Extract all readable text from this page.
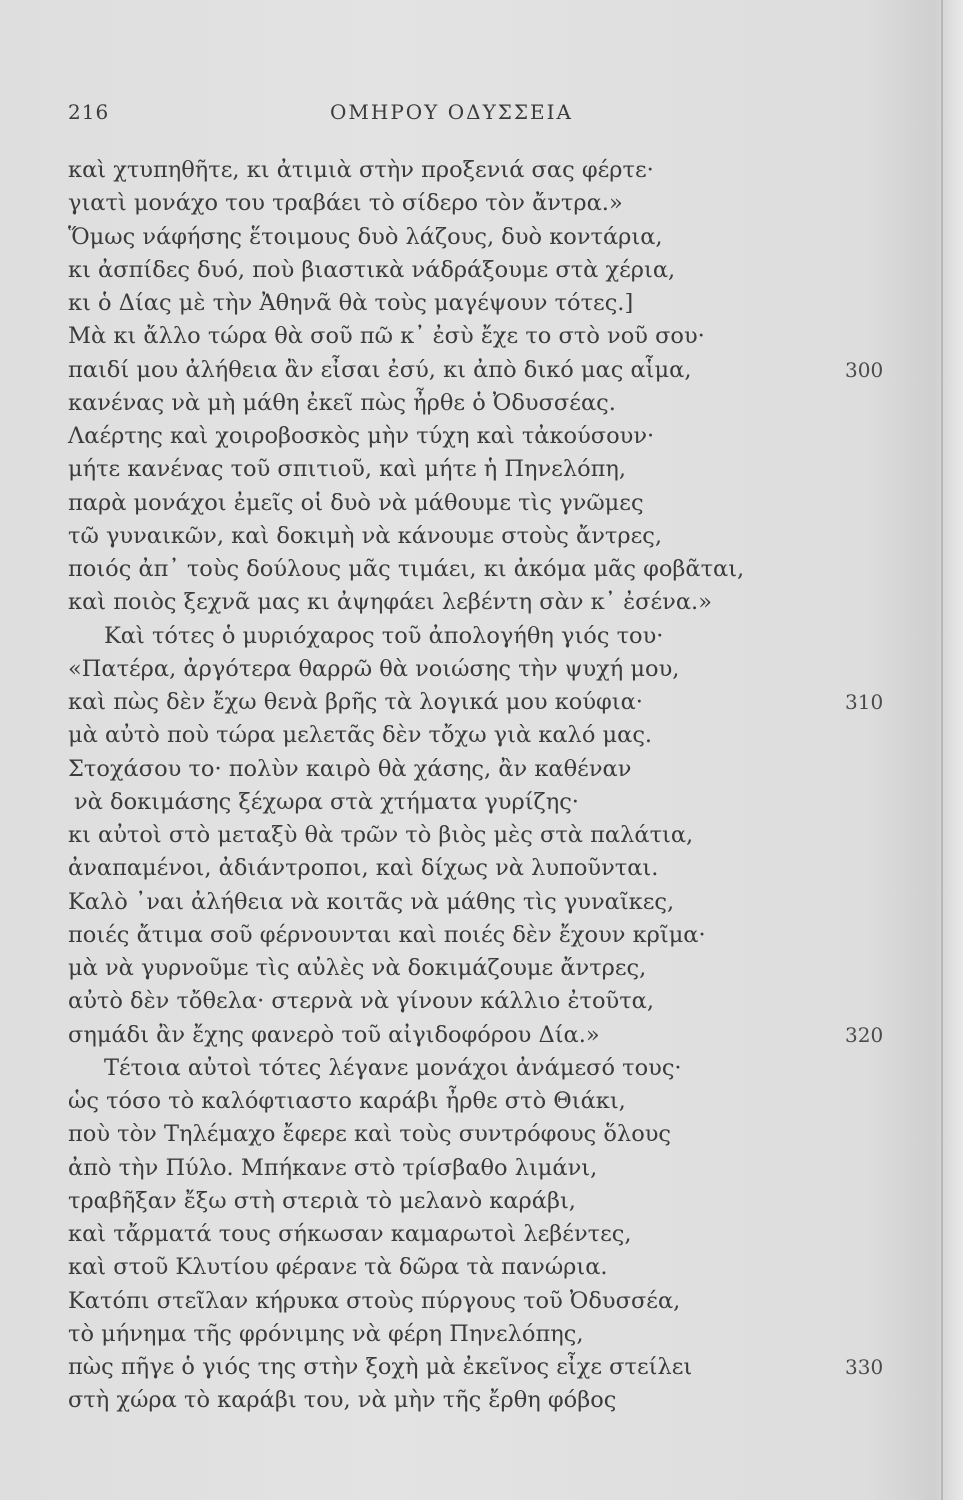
216	ΟΜΗΡΟΥ ΟΔΥΣΣΕΙΑ
καὶ χτυπηθῆτε, κι ἀτιμιὰ στὴν προξενιά σας φέρτε·
γιατὶ μονάχο του τραβάει τὸ σίδερο τὸν ἄντρα.»
Ὅμως νάφήσης ἕτοιμους δυὸ λάζους, δυὸ κοντάρια,
κι ἀσπίδες δυό, ποὺ βιαστικὰ νάδράξουμε στὰ χέρια,
κι ὁ Δίας μὲ τὴν Ἀθηνᾶ θὰ τοὺς μαγέψουν τότες.]
Μὰ κι ἄλλο τώρα θὰ σοῦ πῶ κ᾽ ἐσὺ ἔχε το στὸ νοῦ σου·
παιδί μου ἀλήθεια ἂν εἶσαι ἐσύ, κι ἀπὸ δικό μας αἷμα,	300
κανένας νὰ μὴ μάθη ἐκεῖ πὼς ἦρθε ὁ Ὀδυσσέας.
Λαέρτης καὶ χοιροβοσκὸς μὴν τύχη καὶ τἀκούσουν·
μήτε κανένας τοῦ σπιτιοῦ, καὶ μήτε ἡ Πηνελόπη,
παρὰ μονάχοι ἐμεῖς οἱ δυὸ νὰ μάθουμε τὶς γνῶμες
τῶ γυναικῶν, καὶ δοκιμὴ νὰ κάνουμε στοὺς ἄντρες,
ποιός ἀπ᾽ τοὺς δούλους μᾶς τιμάει, κι ἀκόμα μᾶς φοβᾶται,
καὶ ποιὸς ξεχνᾶ μας κι ἀψηφάει λεβέντη σὰν κ᾽ ἐσένα.»
Καὶ τότες ὁ μυριόχαρος τοῦ ἀπολογήθη γιός του·
«Πατέρα, ἀργότερα θαρρῶ θὰ νοιώσης τὴν ψυχή μου,
καὶ πὼς δὲν ἔχω θενὰ βρῆς τὰ λογικά μου κούφια·	310
μὰ αὐτὸ ποὺ τώρα μελετᾶς δὲν τὄχω γιὰ καλό μας.
Στοχάσου το· πολὺν καιρὸ θὰ χάσης, ἂν καθέναν
νὰ δοκιμάσης ξέχωρα στὰ χτήματα γυρίζης·
κι αὐτοὶ στὸ μεταξὺ θὰ τρῶν τὸ βιὸς μὲς στὰ παλάτια,
ἀναπαμένοι, ἀδιάντροποι, καὶ δίχως νὰ λυποῦνται.
Καλὸ ᾽ναι ἀλήθεια νὰ κοιτᾶς νὰ μάθης τὶς γυναῖκες,
ποιές ἄτιμα σοῦ φέρνουνται καὶ ποιές δὲν ἔχουν κρῖμα·
μὰ νὰ γυρνοῦμε τὶς αὐλὲς νὰ δοκιμάζουμε ἄντρες,
αὐτὸ δὲν τὄθελα· στερνὰ νὰ γίνουν κάλλιο ἐτοῦτα,
σημάδι ἂν ἔχης φανερὸ τοῦ αἰγιδοφόρου Δία.»	320
Τέτοια αὐτοὶ τότες λέγανε μονάχοι ἀνάμεσό τους·
ὡς τόσο τὸ καλόφτιαστο καράβι ἦρθε στὸ Θιάκι,
ποὺ τὸν Τηλέμαχο ἔφερε καὶ τοὺς συντρόφους ὅλους
ἀπὸ τὴν Πύλο. Μπήκανε στὸ τρίσβαθο λιμάνι,
τραβῆξαν ἔξω στὴ στεριὰ τὸ μελανὸ καράβι,
καὶ τἄρματά τους σήκωσαν καμαρωτοὶ λεβέντες,
καὶ στοῦ Κλυτίου φέρανε τὰ δῶρα τὰ πανώρια.
Κατόπι στεῖλαν κήρυκα στοὺς πύργους τοῦ Ὀδυσσέα,
τὸ μήνημα τῆς φρόνιμης νὰ φέρη Πηνελόπης,
πὼς πῆγε ὁ γιός της στὴν ξοχὴ μὰ ἐκεῖνος εἶχε στείλει	330
στὴ χώρα τὸ καράβι του, νὰ μὴν τῆς ἔρθη φόβος
